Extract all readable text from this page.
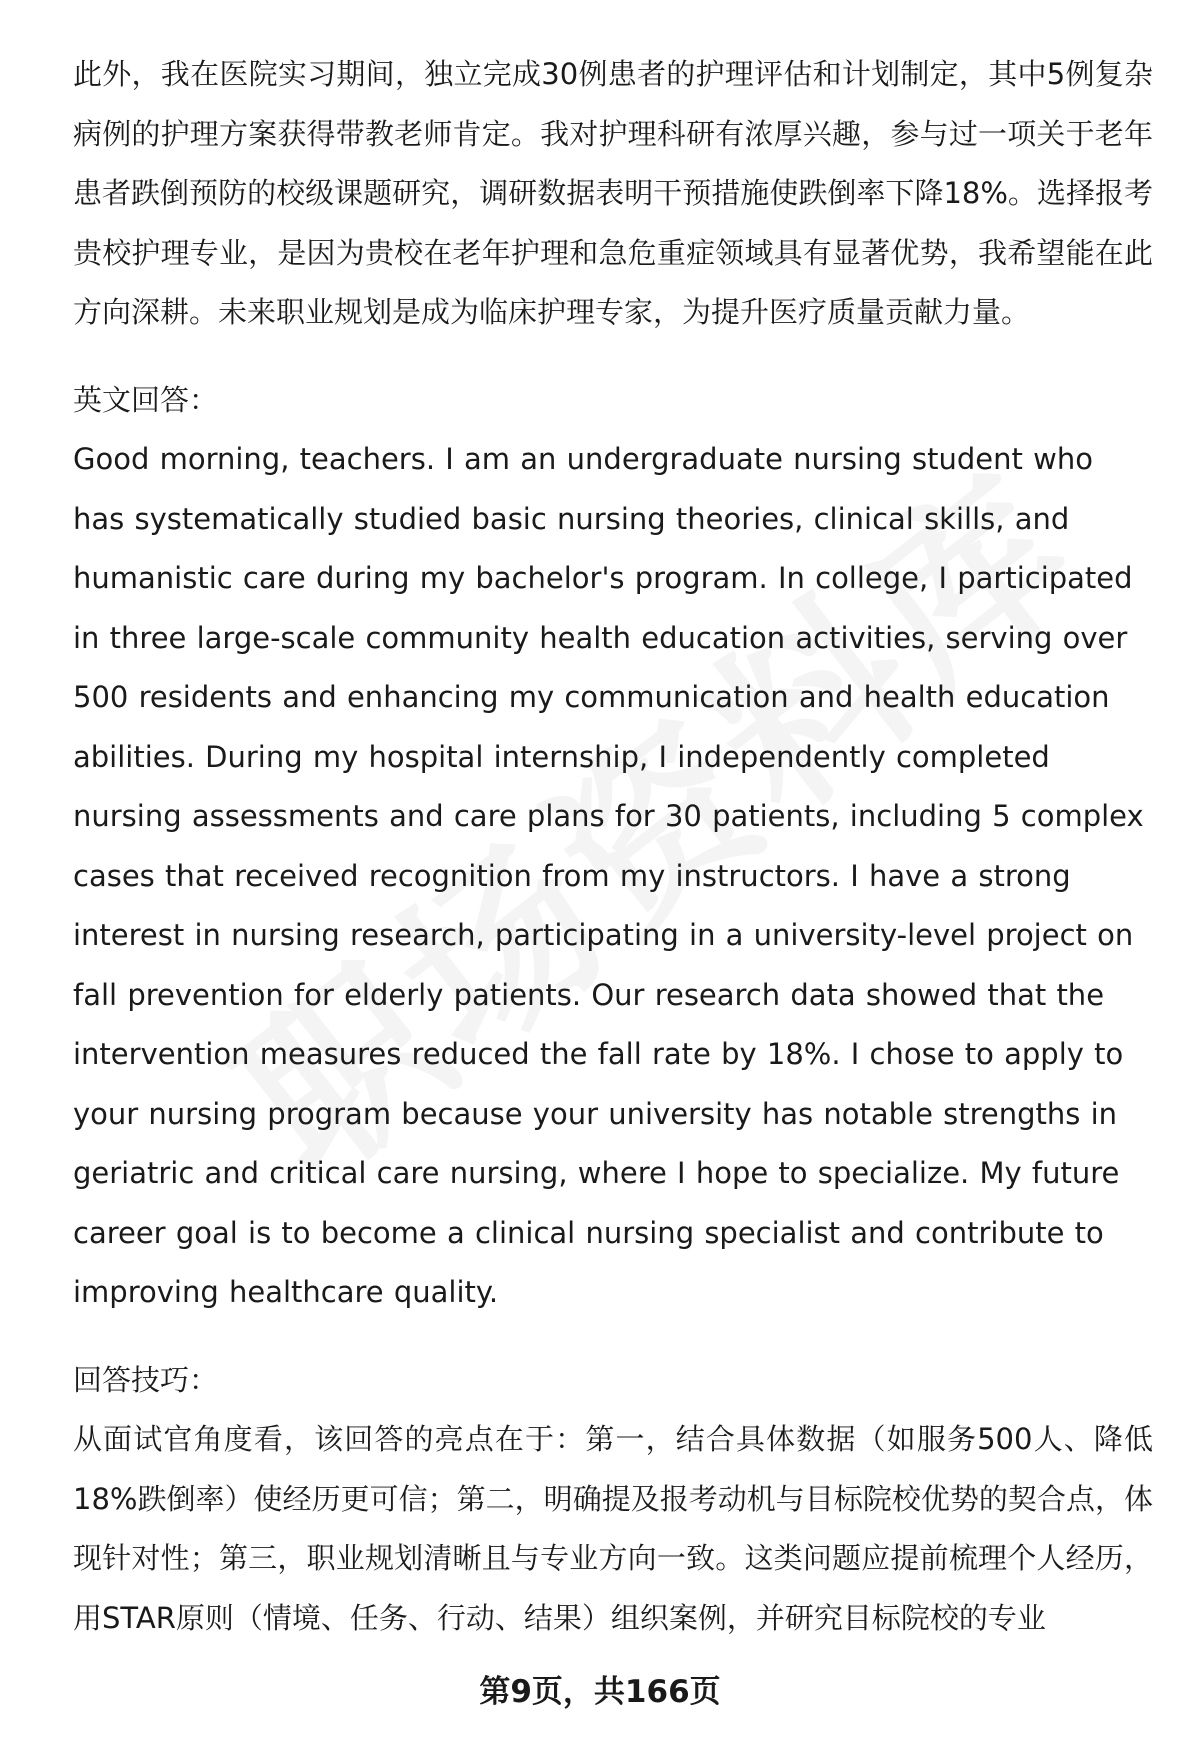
此外，我在医院实习期间，独立完成30例患者的护理评估和计划制定，其中5例复杂病例的护理方案获得带教老师肯定。我对护理科研有浓厚兴趣，参与过一项关于老年患者跌倒预防的校级课题研究，调研数据表明干预措施使跌倒率下降18%。选择报考贵校护理专业，是因为贵校在老年护理和急危重症领域具有显著优势，我希望能在此方向深耕。未来职业规划是成为临床护理专家，为提升医疗质量贡献力量。

英文回答：

Good morning, teachers. I am an undergraduate nursing student who has systematically studied basic nursing theories, clinical skills, and humanistic care during my bachelor's program. In college, I participated in three large-scale community health education activities, serving over 500 residents and enhancing my communication and health education abilities. During my hospital internship, I independently completed nursing assessments and care plans for 30 patients, including 5 complex cases that received recognition from my instructors. I have a strong interest in nursing research, participating in a university-level project on fall prevention for elderly patients. Our research data showed that the intervention measures reduced the fall rate by 18%. I chose to apply to your nursing program because your university has notable strengths in geriatric and critical care nursing, where I hope to specialize. My future career goal is to become a clinical nursing specialist and contribute to improving healthcare quality.

回答技巧：

从面试官角度看，该回答的亮点在于：第一，结合具体数据（如服务500人、降低18%跌倒率）使经历更可信；第二，明确提及报考动机与目标院校优势的契合点，体现针对性；第三，职业规划清晰且与专业方向一致。这类问题应提前梳理个人经历，用STAR原则（情境、任务、行动、结果）组织案例，并研究目标院校的专业

第9页，共166页
